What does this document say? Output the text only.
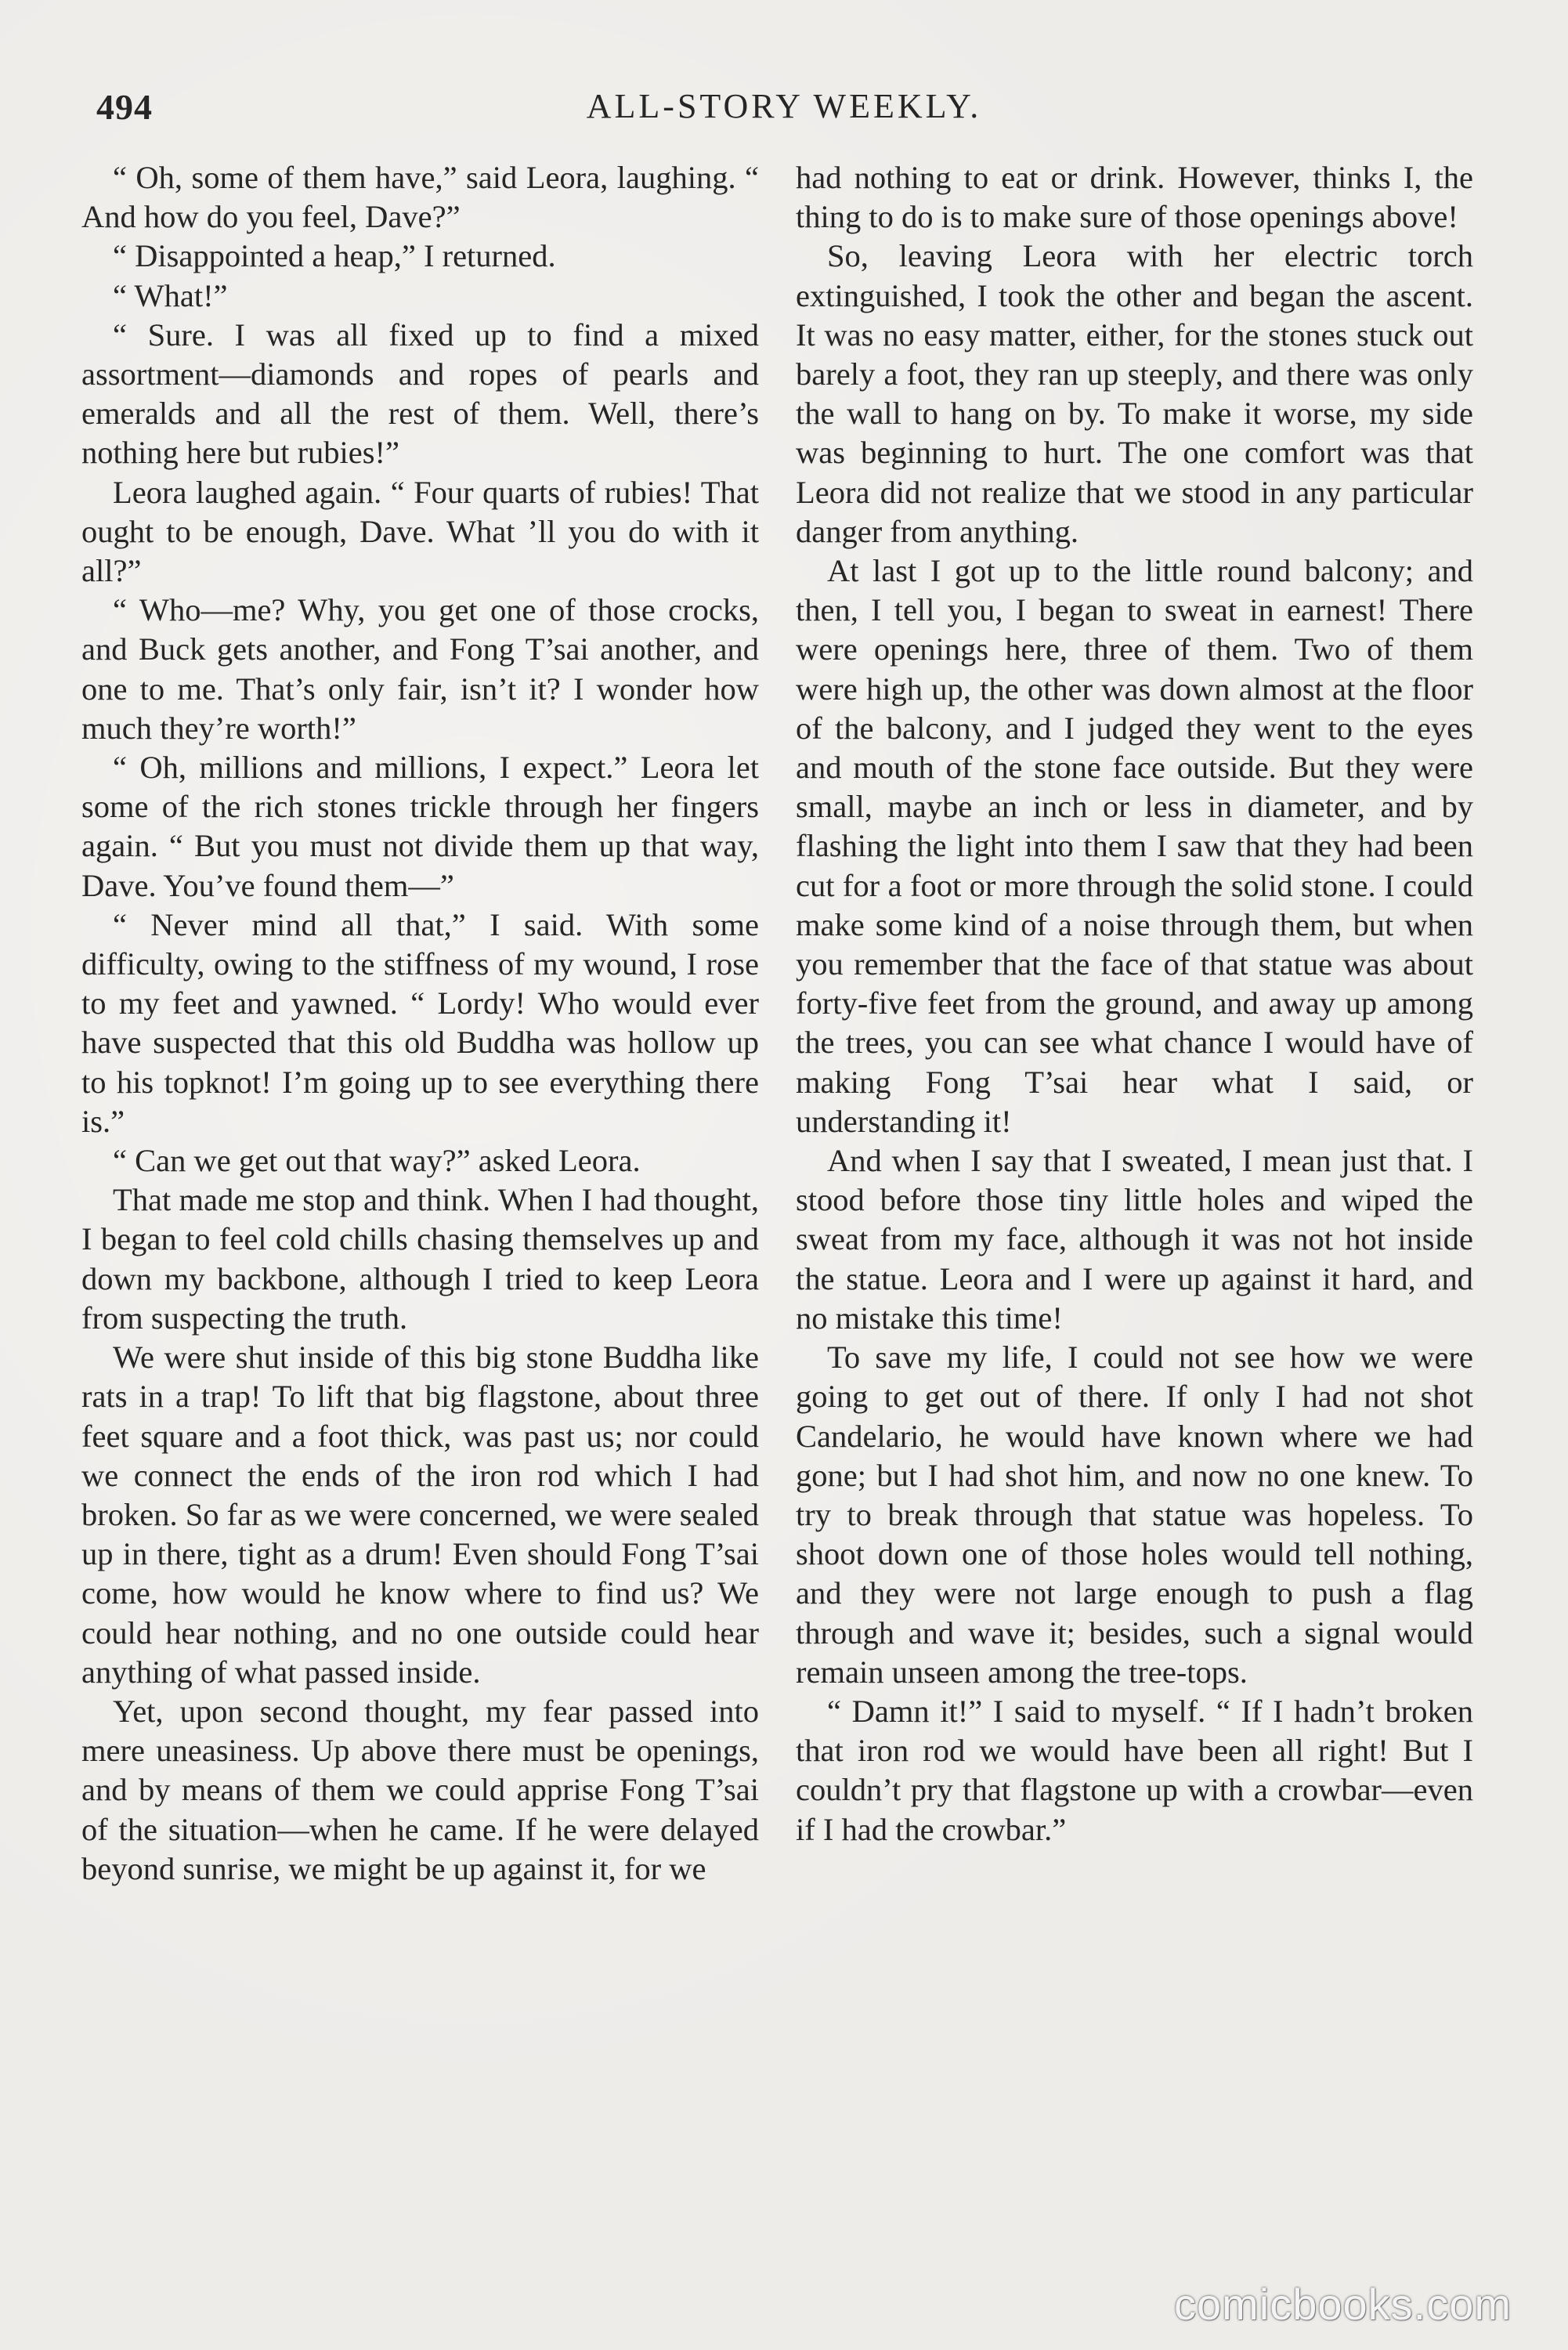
494	ALL-STORY WEEKLY.

“ Oh, some of them have,” said Leora, laughing. “ And how do you feel, Dave?”

“ Disappointed a heap,” I returned.

“ What!”

“ Sure. I was all fixed up to find a mixed assortment—diamonds and ropes of pearls and emeralds and all the rest of them. Well, there’s nothing here but rubies!”

Leora laughed again. “ Four quarts of rubies! That ought to be enough, Dave. What ’ll you do with it all?”

“ Who—me? Why, you get one of those crocks, and Buck gets another, and Fong T’sai another, and one to me. That’s only fair, isn’t it? I wonder how much they’re worth!”

“ Oh, millions and millions, I expect.” Leora let some of the rich stones trickle through her fingers again. “ But you must not divide them up that way, Dave. You’ve found them—”

“ Never mind all that,” I said. With some difficulty, owing to the stiffness of my wound, I rose to my feet and yawned. “ Lordy! Who would ever have suspected that this old Buddha was hollow up to his topknot! I’m going up to see everything there is.”

“ Can we get out that way?” asked Leora.

That made me stop and think. When I had thought, I began to feel cold chills chasing themselves up and down my backbone, although I tried to keep Leora from suspecting the truth.

We were shut inside of this big stone Buddha like rats in a trap! To lift that big flagstone, about three feet square and a foot thick, was past us; nor could we connect the ends of the iron rod which I had broken. So far as we were concerned, we were sealed up in there, tight as a drum! Even should Fong T’sai come, how would he know where to find us? We could hear nothing, and no one outside could hear anything of what passed inside.

Yet, upon second thought, my fear passed into mere uneasiness. Up above there must be openings, and by means of them we could apprise Fong T’sai of the situation—when he came. If he were delayed beyond sunrise, we might be up against it, for we

had nothing to eat or drink. However, thinks I, the thing to do is to make sure of those openings above!

So, leaving Leora with her electric torch extinguished, I took the other and began the ascent. It was no easy matter, either, for the stones stuck out barely a foot, they ran up steeply, and there was only the wall to hang on by. To make it worse, my side was beginning to hurt. The one comfort was that Leora did not realize that we stood in any particular danger from anything.

At last I got up to the little round balcony; and then, I tell you, I began to sweat in earnest! There were openings here, three of them. Two of them were high up, the other was down almost at the floor of the balcony, and I judged they went to the eyes and mouth of the stone face outside. But they were small, maybe an inch or less in diameter, and by flashing the light into them I saw that they had been cut for a foot or more through the solid stone. I could make some kind of a noise through them, but when you remember that the face of that statue was about forty-five feet from the ground, and away up among the trees, you can see what chance I would have of making Fong T’sai hear what I said, or understanding it!

And when I say that I sweated, I mean just that. I stood before those tiny little holes and wiped the sweat from my face, although it was not hot inside the statue. Leora and I were up against it hard, and no mistake this time!

To save my life, I could not see how we were going to get out of there. If only I had not shot Candelario, he would have known where we had gone; but I had shot him, and now no one knew. To try to break through that statue was hopeless. To shoot down one of those holes would tell nothing, and they were not large enough to push a flag through and wave it; besides, such a signal would remain unseen among the tree-tops.

“ Damn it!” I said to myself. “ If I hadn’t broken that iron rod we would have been all right! But I couldn’t pry that flagstone up with a crowbar—even if I had the crowbar.”

comicbooks.com
